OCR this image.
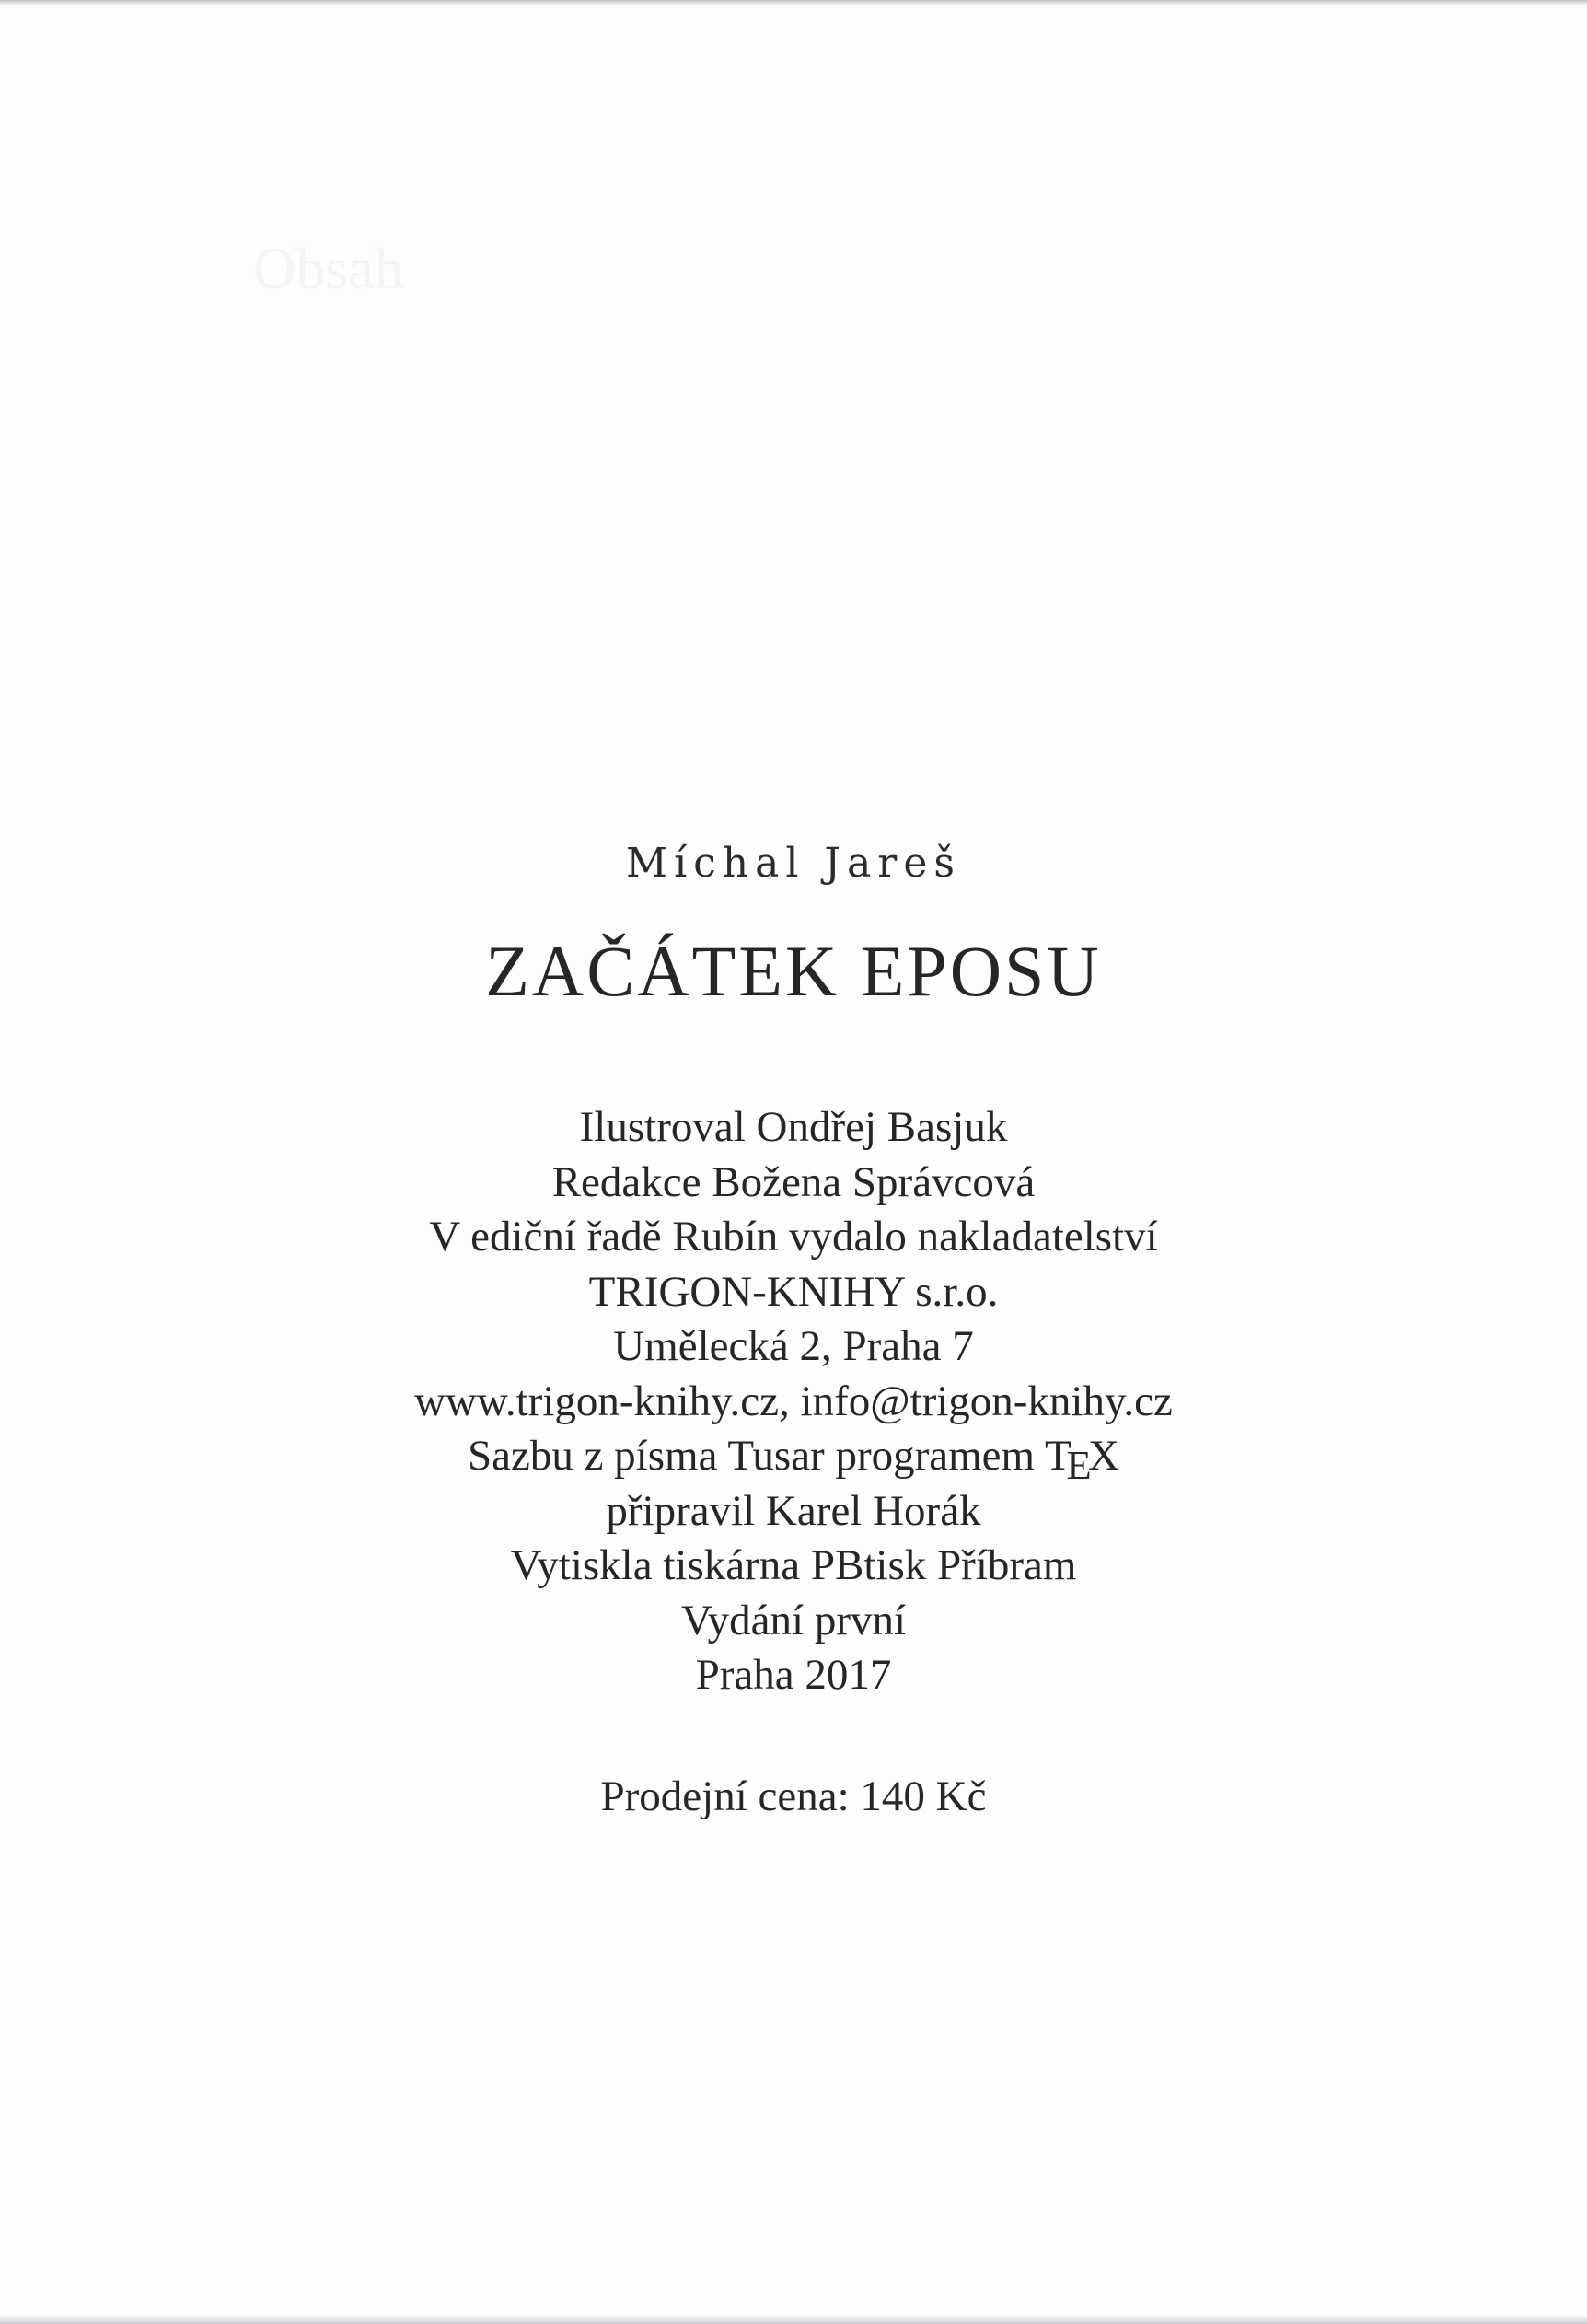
Obsah
Míchal Jareš
ZAČÁTEK EPOSU
Ilustroval Ondřej Basjuk
Redakce Božena Správcová
V ediční řadě Rubín vydalo nakladatelství
TRIGON-KNIHY s.r.o.
Umělecká 2, Praha 7
www.trigon-knihy.cz, info@trigon-knihy.cz
Sazbu z písma Tusar programem TEX
připravil Karel Horák
Vytiskla tiskárna PBtisk Příbram
Vydání první
Praha 2017
Prodejní cena: 140 Kč
